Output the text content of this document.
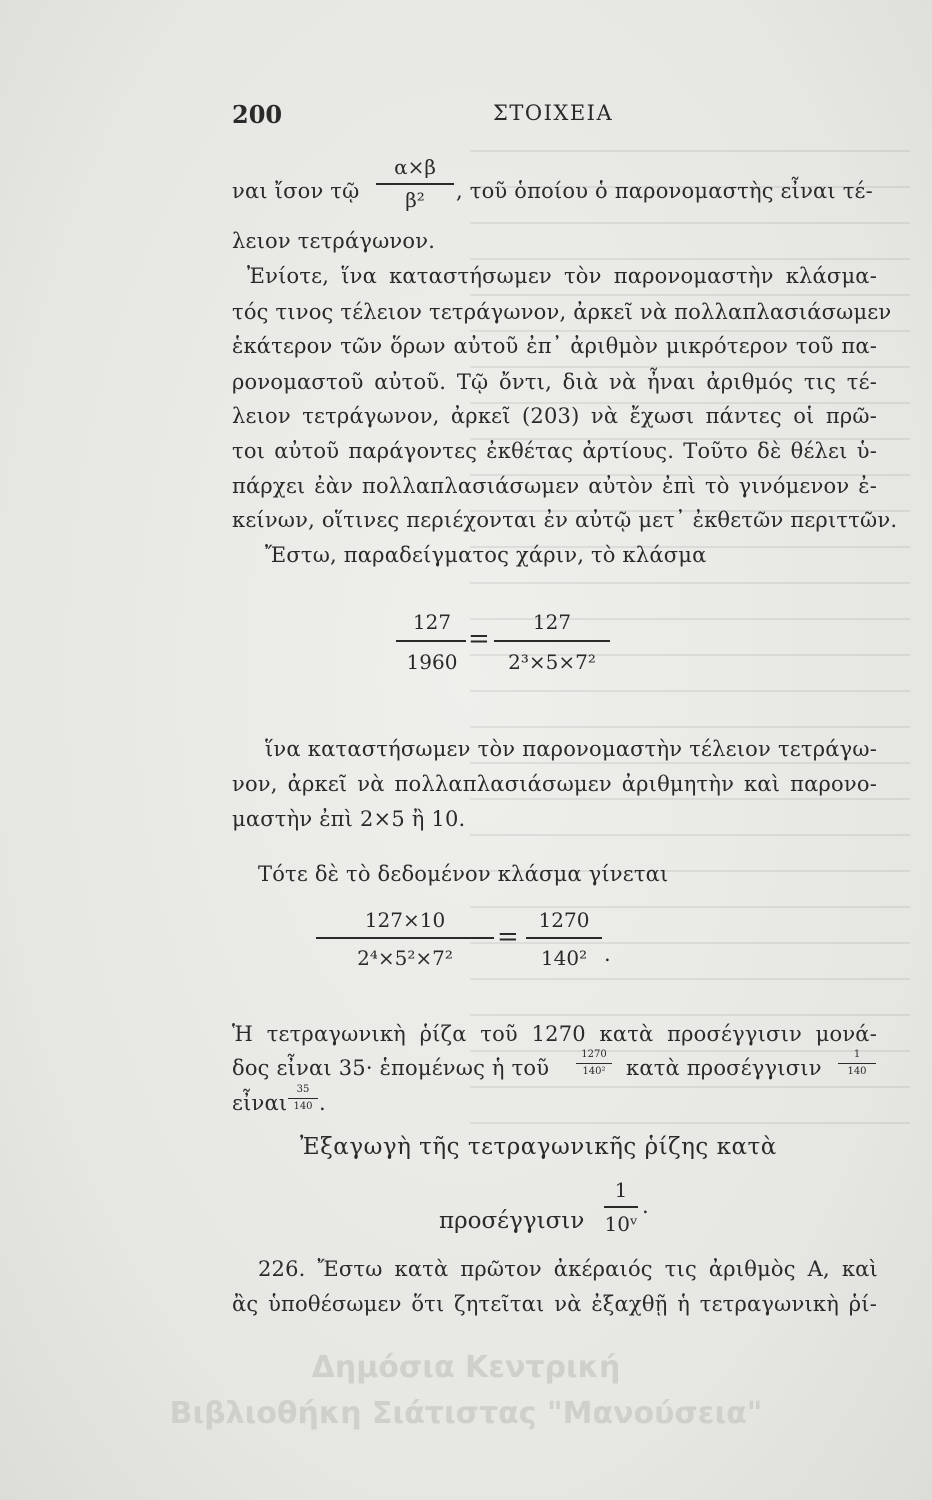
200	ΣΤΟΙΧΕΙΑ
ναι ἴσον τῷ
α×β
β²	, τοῦ ὁποίου ὁ παρονομαστὴς εἶναι τέ-
λειον τετράγωνον.
Ἐνίοτε, ἵνα καταστήσωμεν τὸν παρονομαστὴν κλάσμα-
τός τινος τέλειον τετράγωνον, ἀρκεῖ νὰ πολλαπλασιάσωμεν
ἑκάτερον τῶν ὅρων αὐτοῦ ἐπ᾽ ἀριθμὸν μικρότερον τοῦ πα-
ρονομαστοῦ αὐτοῦ. Τῷ ὄντι, διὰ νὰ ἦναι ἀριθμός τις τέ-
λειον τετράγωνον, ἀρκεῖ (203) νὰ ἔχωσι πάντες οἱ πρῶ-
τοι αὐτοῦ παράγοντες ἐκθέτας ἀρτίους. Τοῦτο δὲ θέλει ὑ-
πάρχει ἐὰν πολλαπλασιάσωμεν αὐτὸν ἐπὶ τὸ γινόμενον ἐ-
κείνων, οἵτινες περιέχονται ἐν αὐτῷ μετ᾽ ἐκθετῶν περιττῶν.
Ἔστω, παραδείγματος χάριν, τὸ κλάσμα
127
1960
=
127
2³×5×7²
ἵνα καταστήσωμεν τὸν παρονομαστὴν τέλειον τετράγω-
νον, ἀρκεῖ νὰ πολλαπλασιάσωμεν ἀριθμητὴν καὶ παρονο-
μαστὴν ἐπὶ 2×5 ἢ 10.
Τότε δὲ τὸ δεδομένον κλάσμα γίνεται
127×10
2⁴×5²×7²
=
1270
140² .
Ἡ τετραγωνικὴ ῥίζα τοῦ 1270 κατὰ προσέγγισιν μονά-
δος εἶναι 35· ἑπομένως ἡ τοῦ
1270
140² κατὰ προσέγγισιν
1
140
εἶναι
35
140 .
Ἐξαγωγὴ τῆς τετραγωνικῆς ῥίζης κατὰ
προσέγγισιν
1
10ᵛ
.
226. Ἔστω κατὰ πρῶτον ἀκέραιός τις ἀριθμὸς Α, καὶ
ἂς ὑποθέσωμεν ὅτι ζητεῖται νὰ ἐξαχθῇ ἡ τετραγωνικὴ ῥί-
Δημόσια Κεντρική
Βιβλιοθήκη Σιάτιστας "Μανούσεια"
